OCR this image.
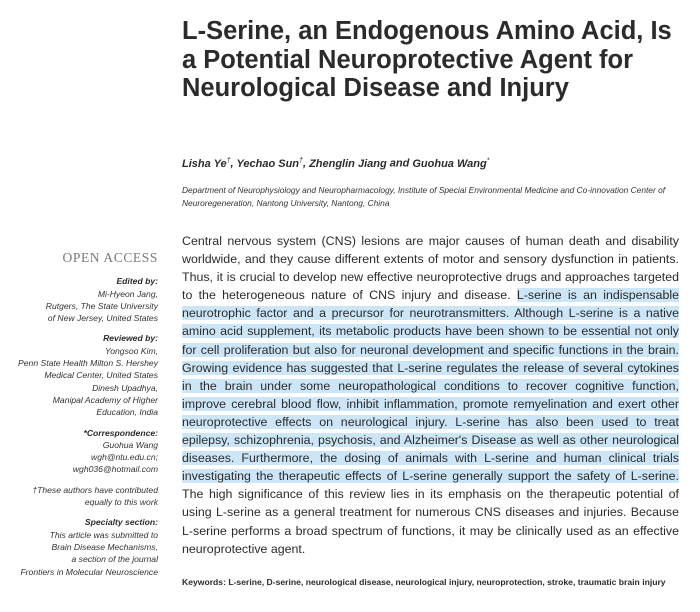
L-Serine, an Endogenous Amino Acid, Is a Potential Neuroprotective Agent for Neurological Disease and Injury
Lisha Ye†, Yechao Sun†, Zhenglin Jiang and Guohua Wang*
Department of Neurophysiology and Neuropharmacology, Institute of Special Environmental Medicine and Co-innovation Center of Neuroregeneration, Nantong University, Nantong, China
OPEN ACCESS
Edited by:
Mi-Hyeon Jang,
Rutgers, The State University
of New Jersey, United States
Reviewed by:
Yongsoo Kim,
Penn State Health Milton S. Hershey
Medical Center, United States
Dinesh Upadhya,
Manipal Academy of Higher
Education, India
*Correspondence:
Guohua Wang
wgh@ntu.edu.cn;
wgh036@hotmail.com
†These authors have contributed
equally to this work
Specialty section:
This article was submitted to
Brain Disease Mechanisms,
a section of the journal
Frontiers in Molecular Neuroscience

Central nervous system (CNS) lesions are major causes of human death and disability worldwide, and they cause different extents of motor and sensory dysfunction in patients. Thus, it is crucial to develop new effective neuroprotective drugs and approaches targeted to the heterogeneous nature of CNS injury and disease. L-serine is an indispensable neurotrophic factor and a precursor for neurotransmitters. Although L-serine is a native amino acid supplement, its metabolic products have been shown to be essential not only for cell proliferation but also for neuronal development and specific functions in the brain. Growing evidence has suggested that L-serine regulates the release of several cytokines in the brain under some neuropathological conditions to recover cognitive function, improve cerebral blood flow, inhibit inflammation, promote remyelination and exert other neuroprotective effects on neurological injury. L-serine has also been used to treat epilepsy, schizophrenia, psychosis, and Alzheimer's Disease as well as other neurological diseases. Furthermore, the dosing of animals with L-serine and human clinical trials investigating the therapeutic effects of L-serine generally support the safety of L-serine. The high significance of this review lies in its emphasis on the therapeutic potential of using L-serine as a general treatment for numerous CNS diseases and injuries. Because L-serine performs a broad spectrum of functions, it may be clinically used as an effective neuroprotective agent.

Keywords: L-serine, D-serine, neurological disease, neurological injury, neuroprotection, stroke, traumatic brain injury
